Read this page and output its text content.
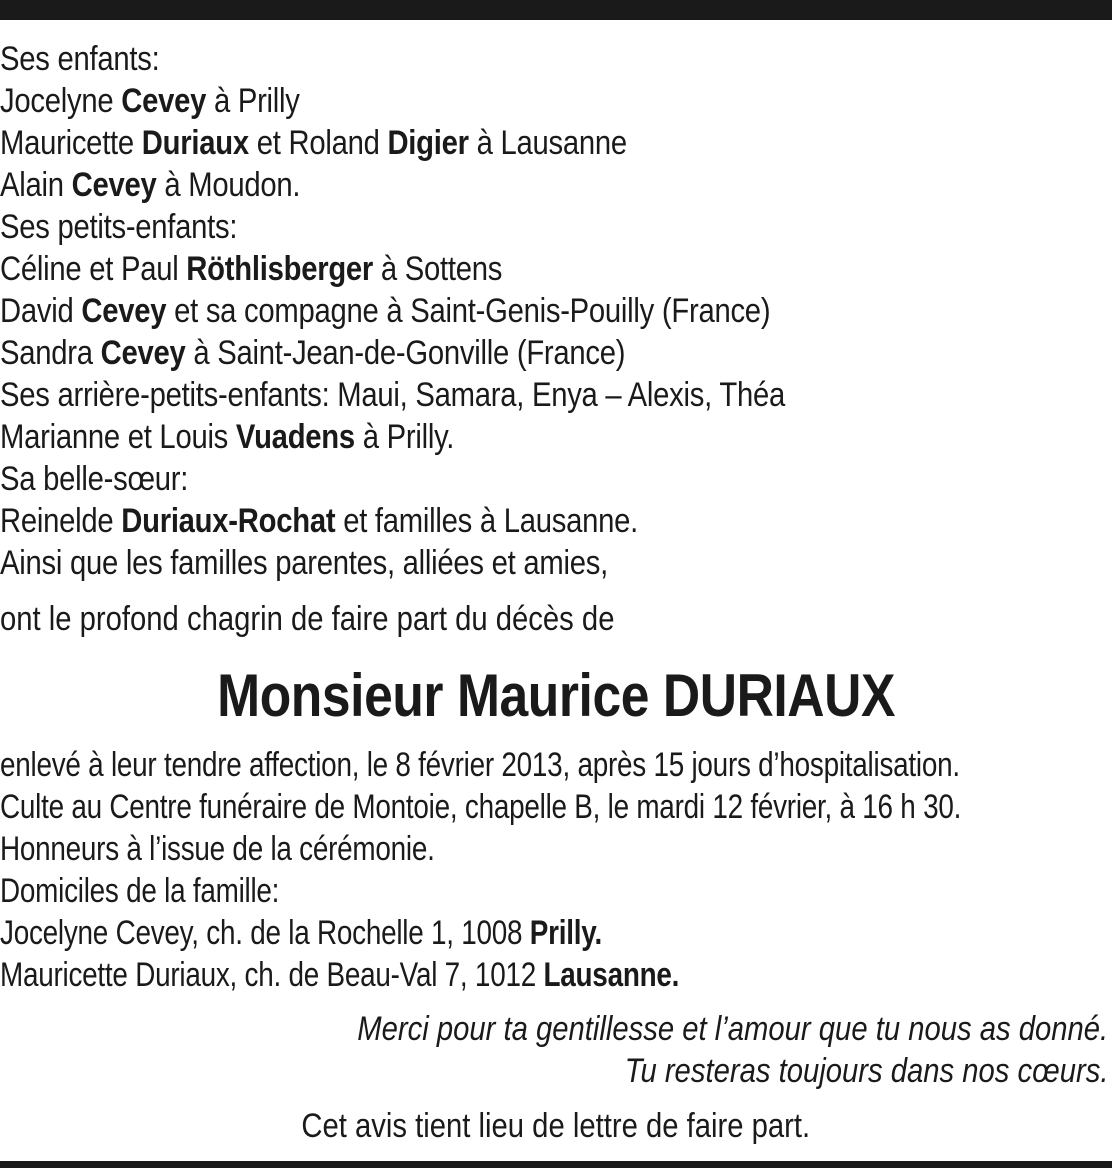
Ses enfants:
Jocelyne Cevey à Prilly
Mauricette Duriaux et Roland Digier à Lausanne
Alain Cevey à Moudon.
Ses petits-enfants:
Céline et Paul Röthlisberger à Sottens
David Cevey et sa compagne à Saint-Genis-Pouilly (France)
Sandra Cevey à Saint-Jean-de-Gonville (France)
Ses arrière-petits-enfants: Maui, Samara, Enya – Alexis, Théa
Marianne et Louis Vuadens à Prilly.
Sa belle-sœur:
Reinelde Duriaux-Rochat et familles à Lausanne.
Ainsi que les familles parentes, alliées et amies,
ont le profond chagrin de faire part du décès de
Monsieur Maurice DURIAUX
enlevé à leur tendre affection, le 8 février 2013, après 15 jours d’hospitalisation.
Culte au Centre funéraire de Montoie, chapelle B, le mardi 12 février, à 16 h 30.
Honneurs à l’issue de la cérémonie.
Domiciles de la famille:
Jocelyne Cevey, ch. de la Rochelle 1, 1008 Prilly.
Mauricette Duriaux, ch. de Beau-Val 7, 1012 Lausanne.
Merci pour ta gentillesse et l’amour que tu nous as donné.
Tu resteras toujours dans nos cœurs.
Cet avis tient lieu de lettre de faire part.
